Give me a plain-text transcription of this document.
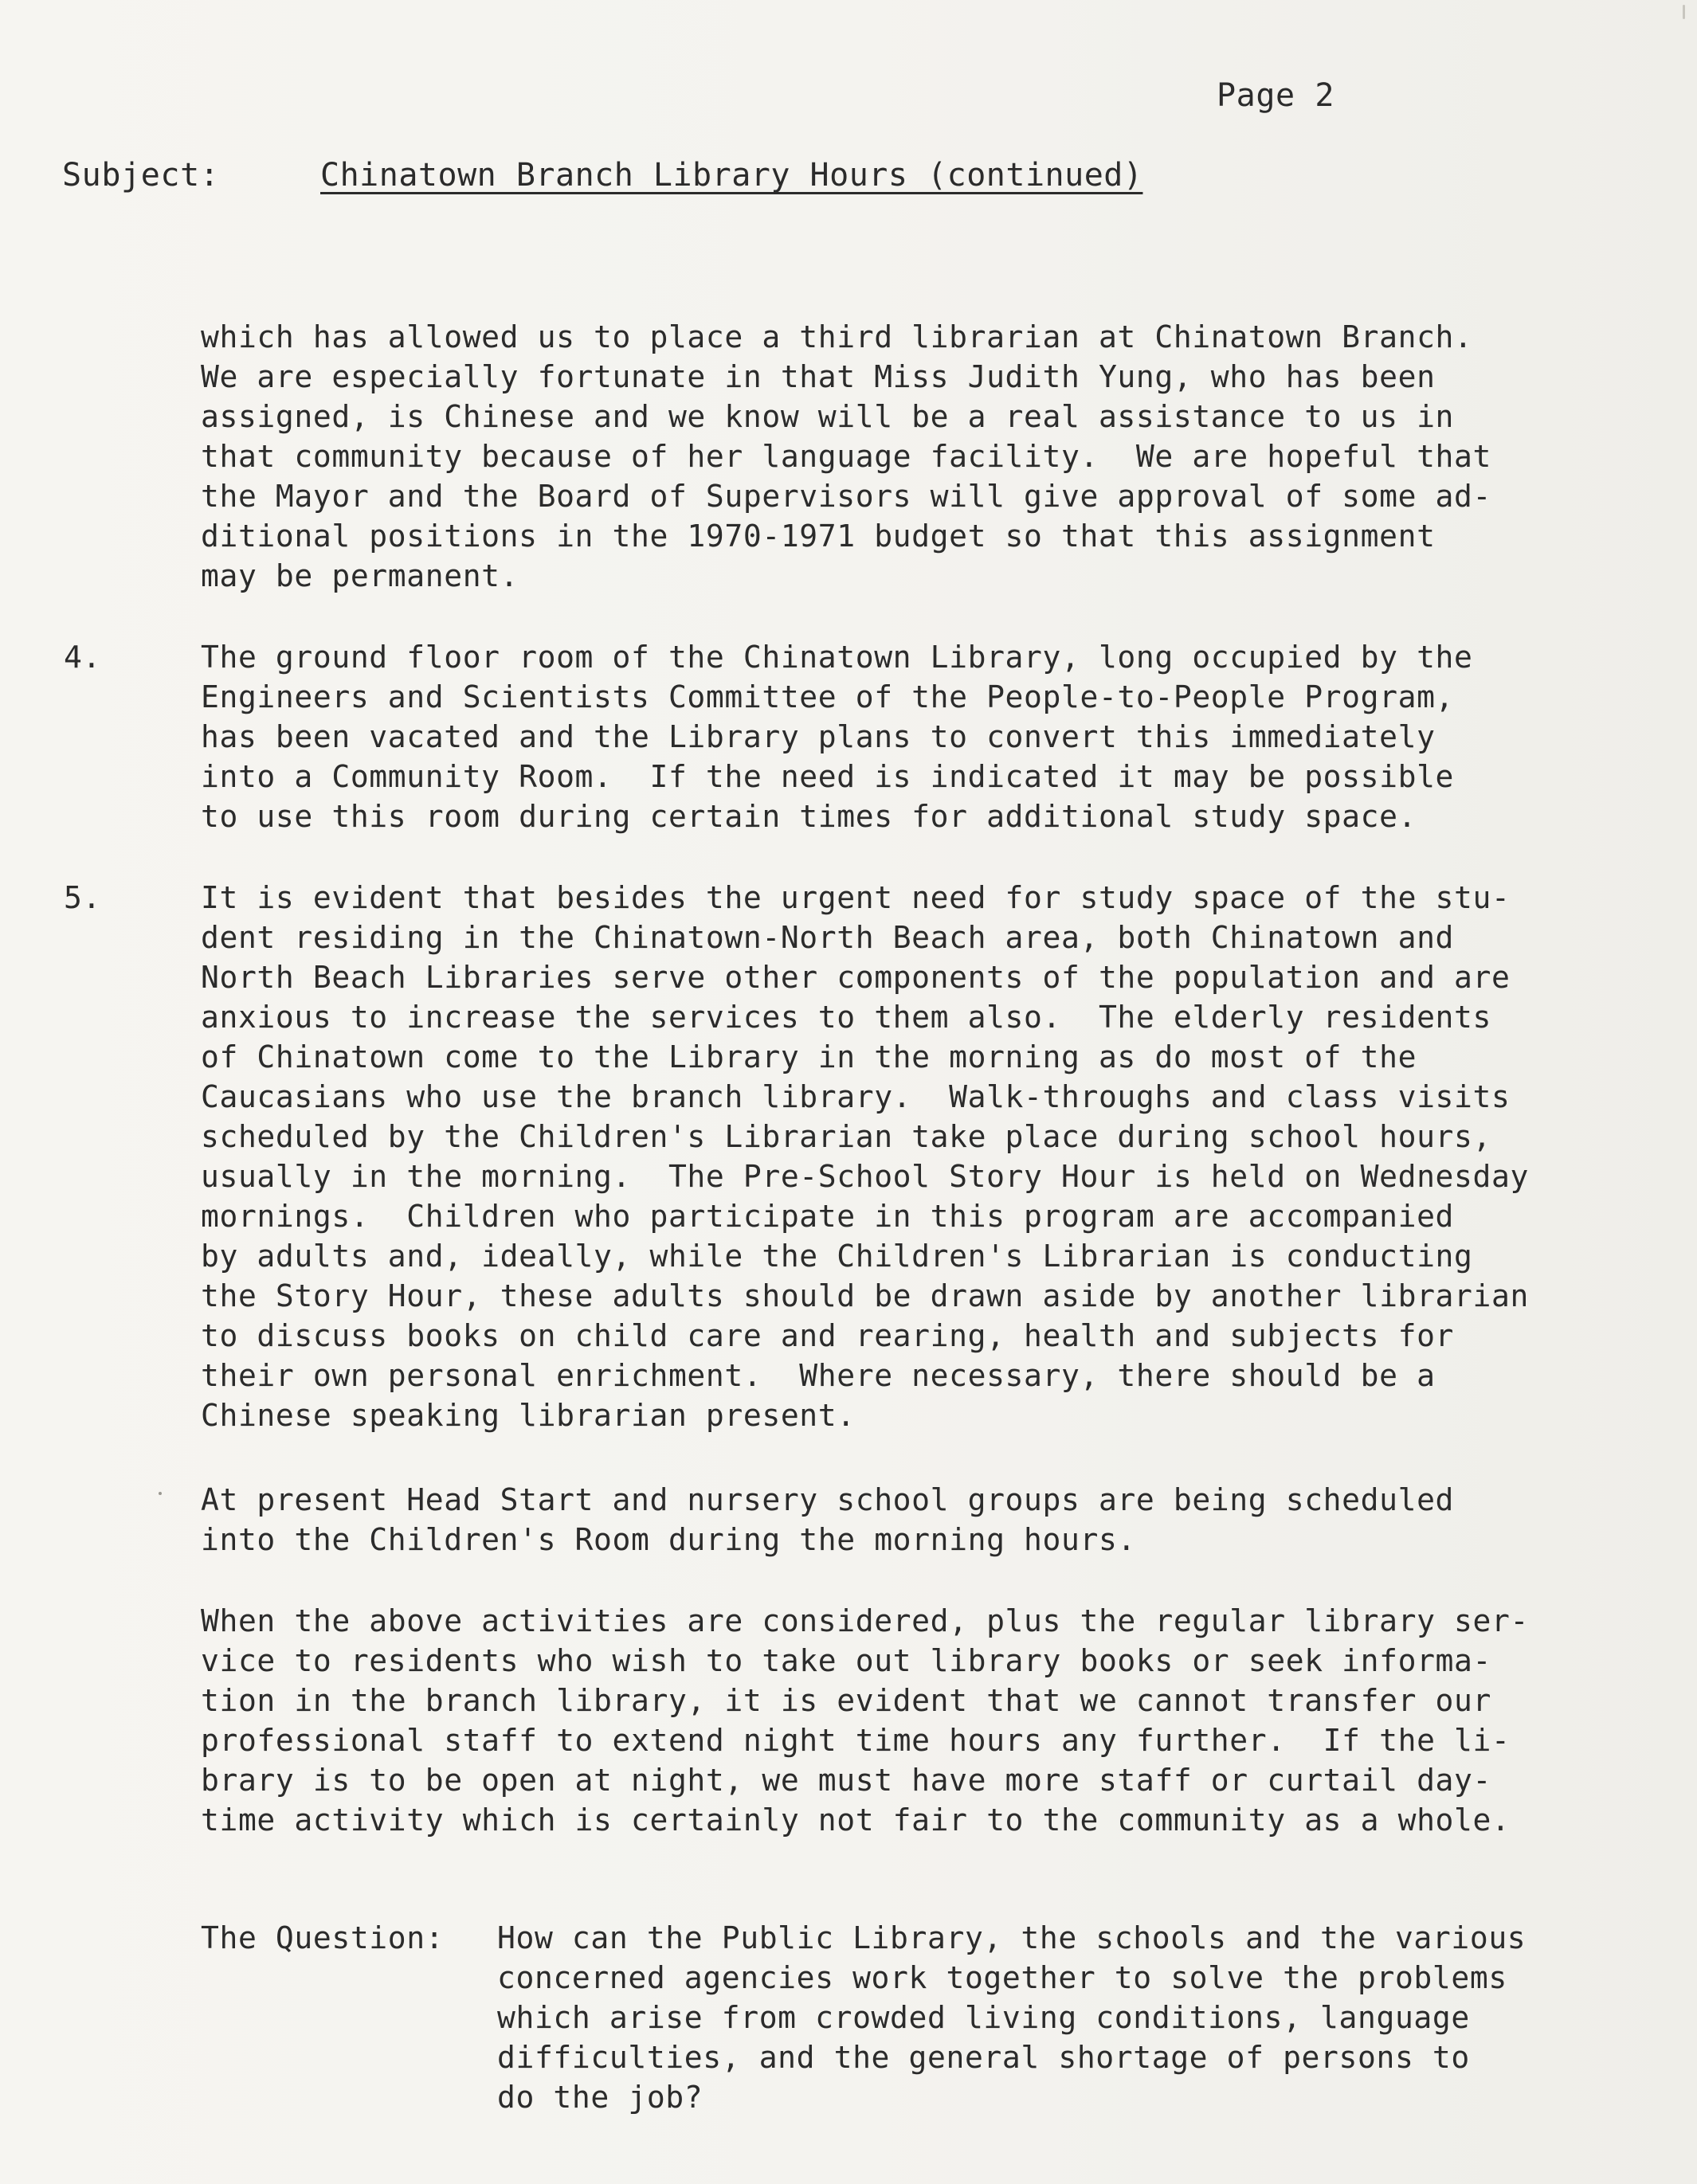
Page 2
Subject:	Chinatown Branch Library Hours (continued)
which has allowed us to place a third librarian at Chinatown Branch.
We are especially fortunate in that Miss Judith Yung, who has been
assigned, is Chinese and we know will be a real assistance to us in
that community because of her language facility.  We are hopeful that
the Mayor and the Board of Supervisors will give approval of some ad-
ditional positions in the 1970-1971 budget so that this assignment
may be permanent.
4.	The ground floor room of the Chinatown Library, long occupied by the
Engineers and Scientists Committee of the People-to-People Program,
has been vacated and the Library plans to convert this immediately
into a Community Room.  If the need is indicated it may be possible
to use this room during certain times for additional study space.
5.	It is evident that besides the urgent need for study space of the stu-
dent residing in the Chinatown-North Beach area, both Chinatown and
North Beach Libraries serve other components of the population and are
anxious to increase the services to them also.  The elderly residents
of Chinatown come to the Library in the morning as do most of the
Caucasians who use the branch library.  Walk-throughs and class visits
scheduled by the Children's Librarian take place during school hours,
usually in the morning.  The Pre-School Story Hour is held on Wednesday
mornings.  Children who participate in this program are accompanied
by adults and, ideally, while the Children's Librarian is conducting
the Story Hour, these adults should be drawn aside by another librarian
to discuss books on child care and rearing, health and subjects for
their own personal enrichment.  Where necessary, there should be a
Chinese speaking librarian present.
At present Head Start and nursery school groups are being scheduled
into the Children's Room during the morning hours.
When the above activities are considered, plus the regular library ser-
vice to residents who wish to take out library books or seek informa-
tion in the branch library, it is evident that we cannot transfer our
professional staff to extend night time hours any further.  If the li-
brary is to be open at night, we must have more staff or curtail day-
time activity which is certainly not fair to the community as a whole.
The Question: How can the Public Library, the schools and the various
concerned agencies work together to solve the problems
which arise from crowded living conditions, language
difficulties, and the general shortage of persons to
do the job?
